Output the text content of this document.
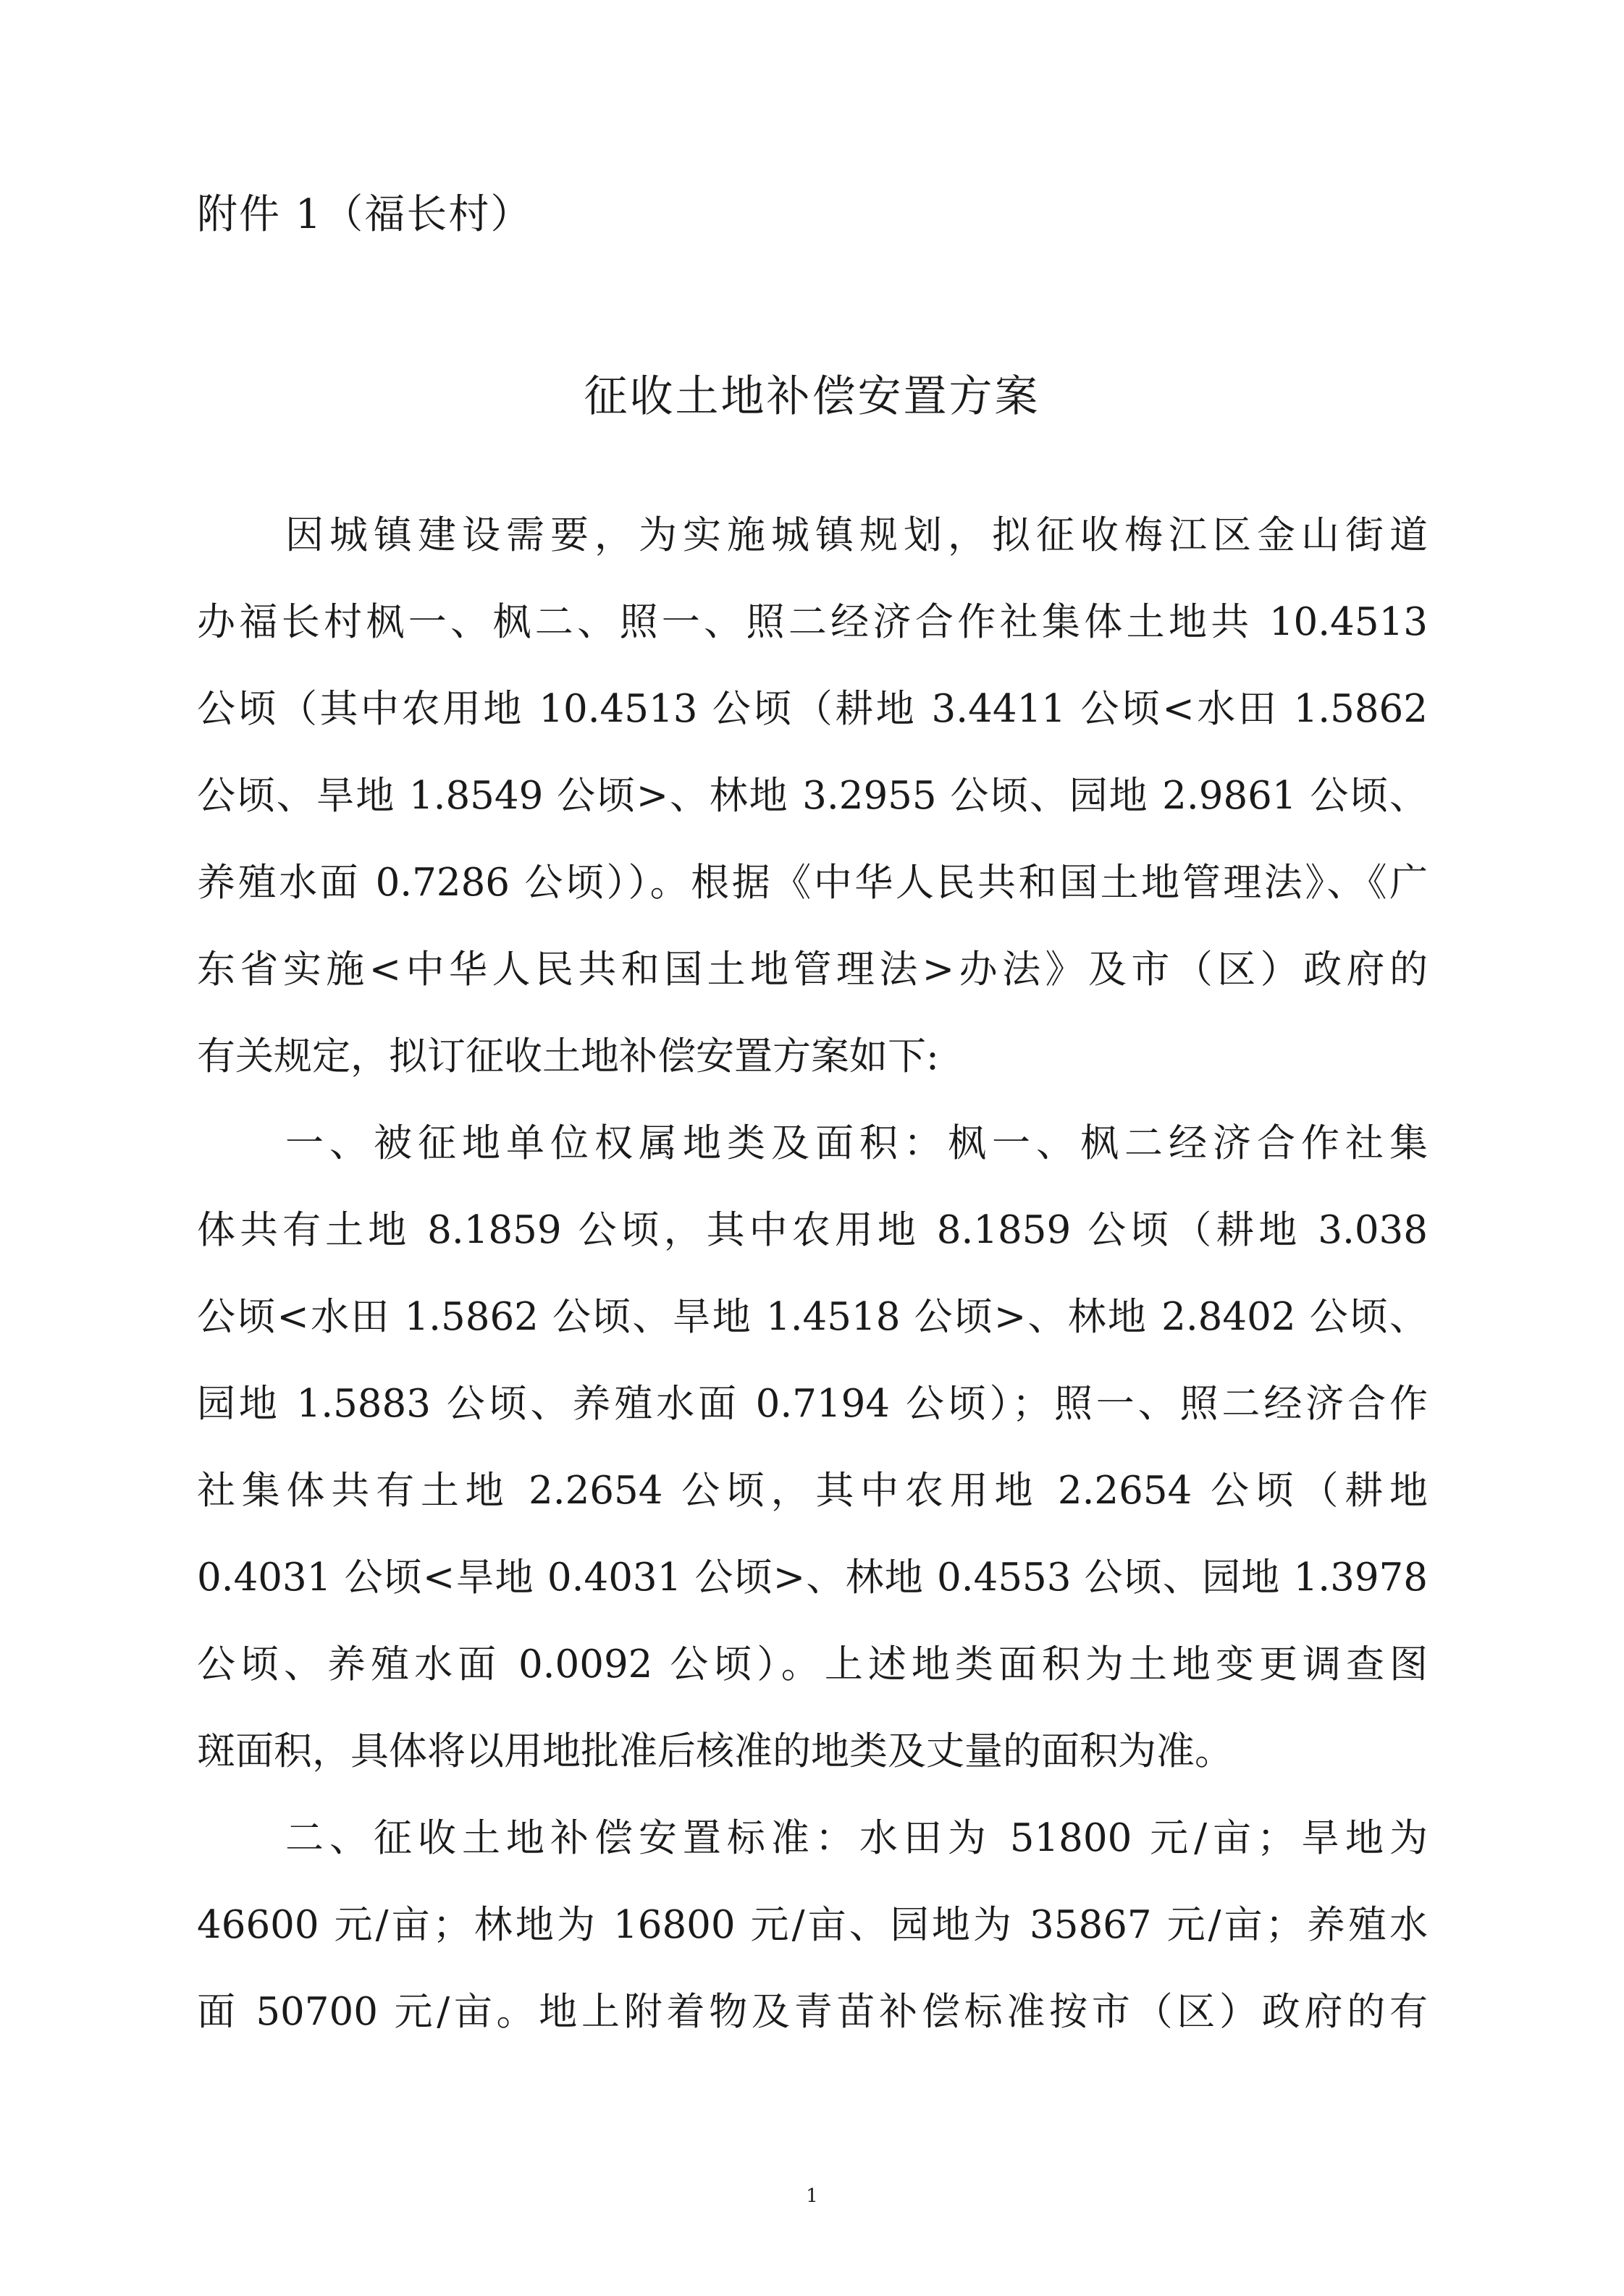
附件 1（福长村）
征收土地补偿安置方案
　　因城镇建设需要，为实施城镇规划，拟征收梅江区金山街道
办福长村枫一、枫二、照一、照二经济合作社集体土地共 10.4513
公顷（其中农用地 10.4513 公顷（耕地 3.4411 公顷<水田 1.5862
公顷、旱地 1.8549 公顷>、林地 3.2955 公顷、园地 2.9861 公顷、
养殖水面 0.7286 公顷））。根据《中华人民共和国土地管理法》、《广
东省实施<中华人民共和国土地管理法>办法》及市（区）政府的
有关规定，拟订征收土地补偿安置方案如下:
　　一、被征地单位权属地类及面积：枫一、枫二经济合作社集
体共有土地 8.1859 公顷，其中农用地 8.1859 公顷（耕地 3.038
公顷<水田 1.5862 公顷、旱地 1.4518 公顷>、林地 2.8402 公顷、
园地 1.5883 公顷、养殖水面 0.7194 公顷）；照一、照二经济合作
社集体共有土地 2.2654 公顷，其中农用地 2.2654 公顷（耕地
0.4031 公顷<旱地 0.4031 公顷>、林地 0.4553 公顷、园地 1.3978
公顷、养殖水面 0.0092 公顷）。上述地类面积为土地变更调查图
斑面积，具体将以用地批准后核准的地类及丈量的面积为准。
　　二、征收土地补偿安置标准：水田为 51800 元/亩；旱地为
46600 元/亩；林地为 16800 元/亩、园地为 35867 元/亩；养殖水
面 50700 元/亩。地上附着物及青苗补偿标准按市（区）政府的有
1
